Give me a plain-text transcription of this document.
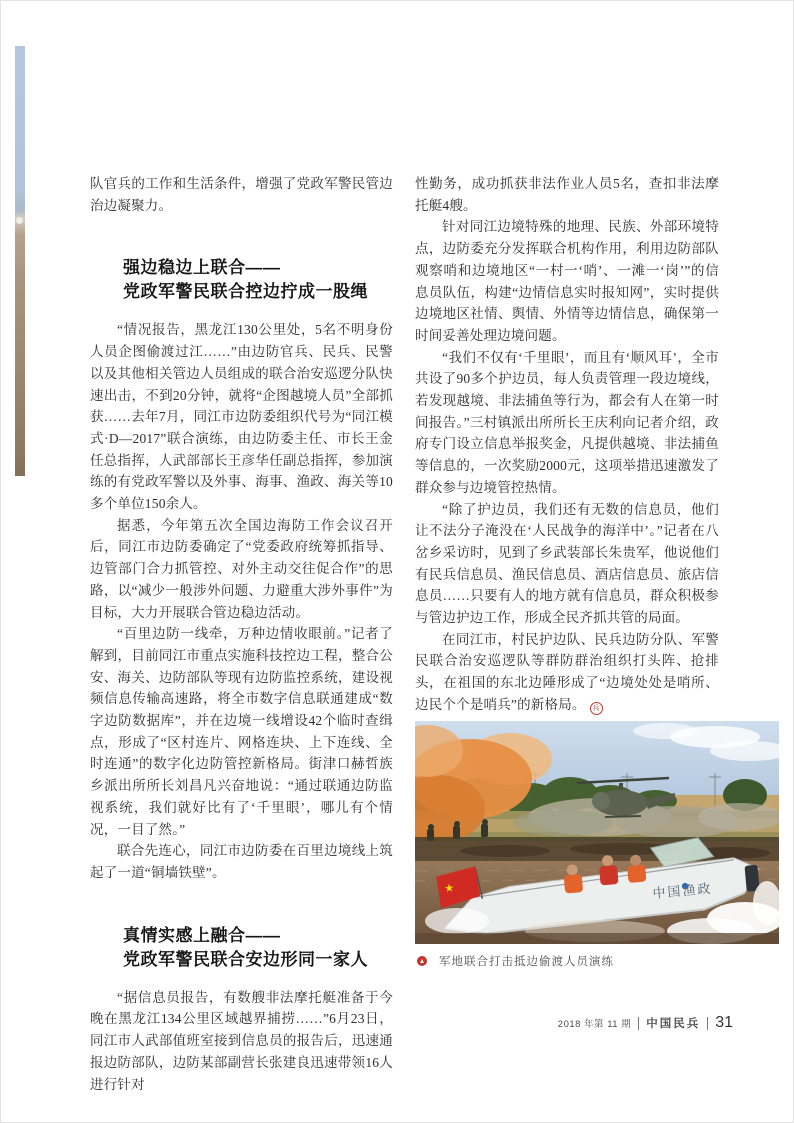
队官兵的工作和生活条件，增强了党政军警民管边治边凝聚力。

强边稳边上联合——
党政军警民联合控边拧成一股绳

“情况报告，黑龙江130公里处，5名不明身份人员企图偷渡过江……”由边防官兵、民兵、民警以及其他相关管边人员组成的联合治安巡逻分队快速出击，不到20分钟，就将“企图越境人员”全部抓获……去年7月，同江市边防委组织代号为“同江模式·D—2017”联合演练，由边防委主任、市长王金任总指挥，人武部部长王彦华任副总指挥，参加演练的有党政军警以及外事、海事、渔政、海关等10多个单位150余人。

据悉，今年第五次全国边海防工作会议召开后，同江市边防委确定了“党委政府统筹抓指导、边管部门合力抓管控、对外主动交往促合作”的思路，以“减少一般涉外问题、力避重大涉外事件”为目标，大力开展联合管边稳边活动。

“百里边防一线牵，万种边情收眼前。”记者了解到，目前同江市重点实施科技控边工程，整合公安、海关、边防部队等现有边防监控系统，建设视频信息传输高速路，将全市数字信息联通建成“数字边防数据库”，并在边境一线增设42个临时查缉点，形成了“区村连片、网格连块、上下连线、全时连通”的数字化边防管控新格局。街津口赫哲族乡派出所所长刘昌凡兴奋地说：“通过联通边防监视系统，我们就好比有了‘千里眼’，哪儿有个情况，一目了然。”

联合先连心，同江市边防委在百里边境线上筑起了一道“铜墙铁壁”。

真情实感上融合——
党政军警民联合安边形同一家人

“据信息员报告，有数艘非法摩托艇准备于今晚在黑龙江134公里区域越界捕捞……”6月23日，同江市人武部值班室接到信息员的报告后，迅速通报边防部队，边防某部副营长张建良迅速带领16人进行针对

性勤务，成功抓获非法作业人员5名，查扣非法摩托艇4艘。

针对同江边境特殊的地理、民族、外部环境特点，边防委充分发挥联合机构作用，利用边防部队观察哨和边境地区“一村一‘哨’、一滩一‘岗’”的信息员队伍，构建“边情信息实时报知网”，实时提供边境地区社情、舆情、外情等边情信息，确保第一时间妥善处理边境问题。

“我们不仅有‘千里眼’，而且有‘顺风耳’，全市共设了90多个护边员，每人负责管理一段边境线，若发现越境、非法捕鱼等行为，都会有人在第一时间报告。”三村镇派出所所长王庆利向记者介绍，政府专门设立信息举报奖金，凡提供越境、非法捕鱼等信息的，一次奖励2000元，这项举措迅速激发了群众参与边境管控热情。

“除了护边员，我们还有无数的信息员，他们让不法分子淹没在‘人民战争的海洋中’。”记者在八岔乡采访时，见到了乡武装部长朱贵军，他说他们有民兵信息员、渔民信息员、酒店信息员、旅店信息员……只要有人的地方就有信息员，群众积极参与管边护边工作，形成全民齐抓共管的局面。

在同江市，村民护边队、民兵边防分队、军警民联合治安巡逻队等群防群治组织打头阵、抢排头，在祖国的东北边陲形成了“边境处处是哨所、边民个个是哨兵”的新格局。 兵

★	中国渔政
军地联合打击抵边偷渡人员演练
2018 年第 11 期 中国民兵 31
